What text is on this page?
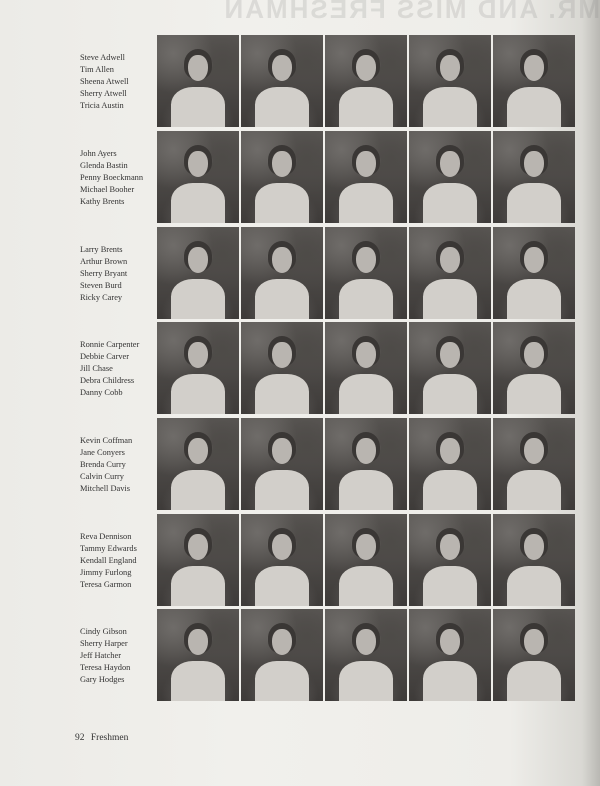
MR. AND MISS FRESHMAN
Steve Adwell
Tim Allen
Sheena Atwell
Sherry Atwell
Tricia Austin
John Ayers
Glenda Bastin
Penny Boeckmann
Michael Booher
Kathy Brents
Larry Brents
Arthur Brown
Sherry Bryant
Steven Burd
Ricky Carey
Ronnie Carpenter
Debbie Carver
Jill Chase
Debra Childress
Danny Cobb
Kevin Coffman
Jane Conyers
Brenda Curry
Calvin Curry
Mitchell Davis
Reva Dennison
Tammy Edwards
Kendall England
Jimmy Furlong
Teresa Garmon
Cindy Gibson
Sherry Harper
Jeff Hatcher
Teresa Haydon
Gary Hodges
92 Freshmen
